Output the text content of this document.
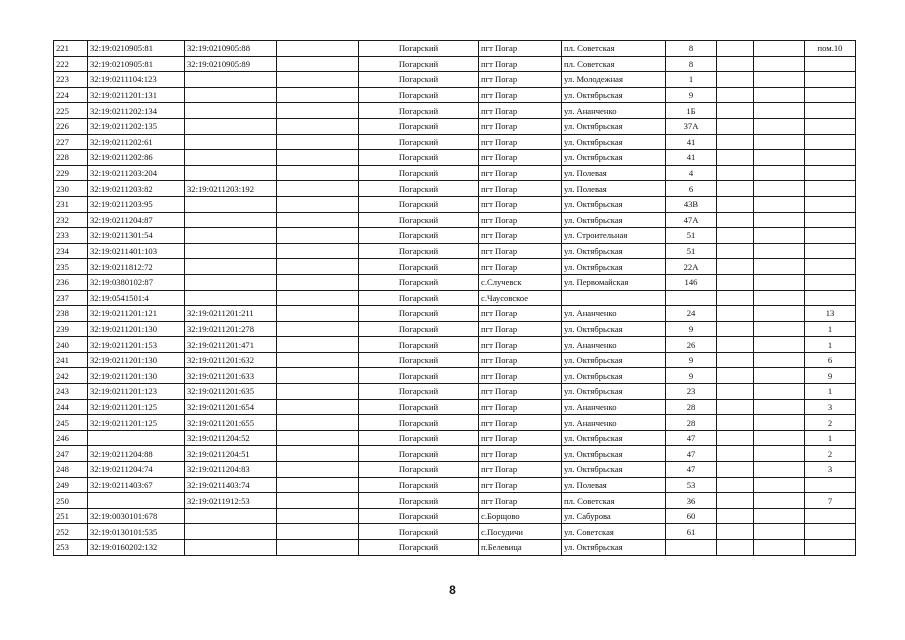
221	32:19:0210905:81	32:19:0210905:88		Погарский	пгт Погар	пл. Советская	8			пом.10
222	32:19:0210905:81	32:19:0210905:89		Погарский	пгт Погар	пл. Советская	8			
223	32:19:0211104:123			Погарский	пгт Погар	ул. Молодежная	1			
224	32:19:0211201:131			Погарский	пгт Погар	ул. Октябрьская	9			
225	32:19:0211202:134			Погарский	пгт Погар	ул. Ананченко	1Б			
226	32:19:0211202:135			Погарский	пгт Погар	ул. Октябрьская	37А			
227	32:19:0211202:61			Погарский	пгт Погар	ул. Октябрьская	41			
228	32:19:0211202:86			Погарский	пгт Погар	ул. Октябрьская	41			
229	32:19:0211203:204			Погарский	пгт Погар	ул. Полевая	4			
230	32:19:0211203:82	32:19:0211203:192		Погарский	пгт Погар	ул. Полевая	6			
231	32:19:0211203:95			Погарский	пгт Погар	ул. Октябрьская	43В			
232	32:19:0211204:87			Погарский	пгт Погар	ул. Октябрьская	47А			
233	32:19:0211301:54			Погарский	пгт Погар	ул. Строительная	51			
234	32:19:0211401:103			Погарский	пгт Погар	ул. Октябрьская	51			
235	32:19:0211812:72			Погарский	пгт Погар	ул. Октябрьская	22А			
236	32:19:0380102:87			Погарский	с.Случевск	ул. Первомайская	146			
237	32:19:0541501:4			Погарский	с.Чаусовское					
238	32:19:0211201:121	32:19:0211201:211		Погарский	пгт Погар	ул. Ананченко	24			13
239	32:19:0211201:130	32:19:0211201:278		Погарский	пгт Погар	ул. Октябрьская	9			1
240	32:19:0211201:153	32:19:0211201:471		Погарский	пгт Погар	ул. Ананченко	26			1
241	32:19:0211201:130	32:19:0211201:632		Погарский	пгт Погар	ул. Октябрьская	9			6
242	32:19:0211201:130	32:19:0211201:633		Погарский	пгт Погар	ул. Октябрьская	9			9
243	32:19:0211201:123	32:19:0211201:635		Погарский	пгт Погар	ул. Октябрьская	23			1
244	32:19:0211201:125	32:19:0211201:654		Погарский	пгт Погар	ул. Ананченко	28			3
245	32:19:0211201:125	32:19:0211201:655		Погарский	пгт Погар	ул. Ананченко	28			2
246		32:19:0211204:52		Погарский	пгт Погар	ул. Октябрьская	47			1
247	32:19:0211204:88	32:19:0211204:51		Погарский	пгт Погар	ул. Октябрьская	47			2
248	32:19:0211204:74	32:19:0211204:83		Погарский	пгт Погар	ул. Октябрьская	47			3
249	32:19:0211403:67	32:19:0211403:74		Погарский	пгт Погар	ул. Полевая	53			
250		32:19:0211912:53		Погарский	пгт Погар	пл. Советская	36			7
251	32:19:0030101:678			Погарский	с.Борщово	ул. Сабурова	60			
252	32:19:0130101:535			Погарский	с.Посудичи	ул. Советская	61			
253	32:19:0160202:132			Погарский	п.Белевица	ул. Октябрьская				
8
